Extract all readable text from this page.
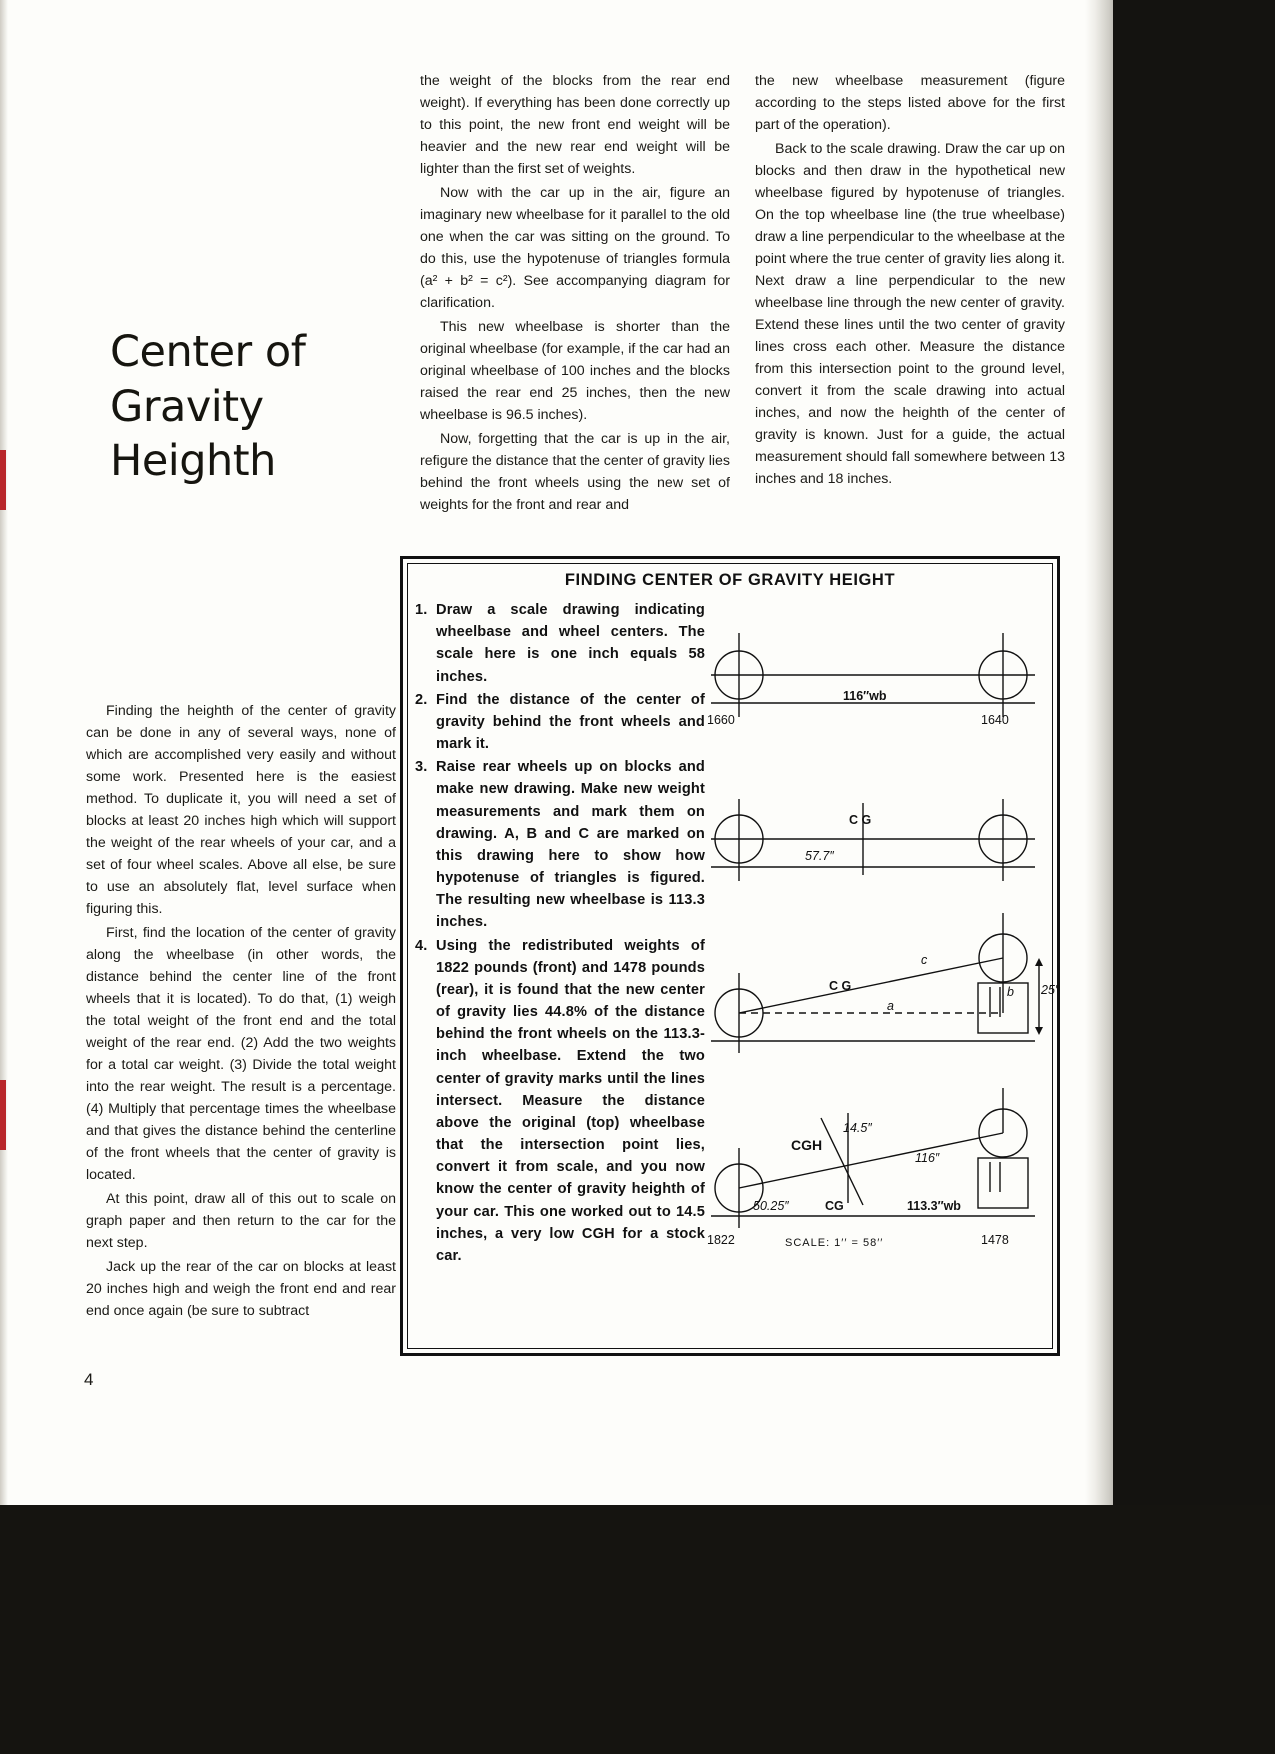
Center of
Gravity
Heighth

Finding the heighth of the center of gravity can be done in any of several ways, none of which are accomplished very easily and without some work. Presented here is the easiest method. To duplicate it, you will need a set of blocks at least 20 inches high which will support the weight of the rear wheels of your car, and a set of four wheel scales. Above all else, be sure to use an absolutely flat, level surface when figuring this.

First, find the location of the center of gravity along the wheelbase (in other words, the distance behind the center line of the front wheels that it is located). To do that, (1) weigh the total weight of the front end and the total weight of the rear end. (2) Add the two weights for a total car weight. (3) Divide the total weight into the rear weight. The result is a percentage. (4) Multiply that percentage times the wheelbase and that gives the distance behind the centerline of the front wheels that the center of gravity is located.

At this point, draw all of this out to scale on graph paper and then return to the car for the next step.

Jack up the rear of the car on blocks at least 20 inches high and weigh the front end and rear end once again (be sure to subtract

the weight of the blocks from the rear end weight). If everything has been done correctly up to this point, the new front end weight will be heavier and the new rear end weight will be lighter than the first set of weights.

Now with the car up in the air, figure an imaginary new wheelbase for it parallel to the old one when the car was sitting on the ground. To do this, use the hypotenuse of triangles formula (a² + b² = c²). See accompanying diagram for clarification.

This new wheelbase is shorter than the original wheelbase (for example, if the car had an original wheelbase of 100 inches and the blocks raised the rear end 25 inches, then the new wheelbase is 96.5 inches).

Now, forgetting that the car is up in the air, refigure the distance that the center of gravity lies behind the front wheels using the new set of weights for the front and rear and

the new wheelbase measurement (figure according to the steps listed above for the first part of the operation).

Back to the scale drawing. Draw the car up on blocks and then draw in the hypothetical new wheelbase figured by hypotenuse of triangles. On the top wheelbase line (the true wheelbase) draw a line perpendicular to the wheelbase at the point where the true center of gravity lies along it. Next draw a line perpendicular to the new wheelbase line through the new center of gravity. Extend these lines until the two center of gravity lines cross each other. Measure the distance from this intersection point to the ground level, convert it from the scale drawing into actual inches, and now the heighth of the center of gravity is known. Just for a guide, the actual measurement should fall somewhere between 13 inches and 18 inches.

4
FINDING CENTER OF GRAVITY HEIGHT
1. Draw a scale drawing indicating wheelbase and wheel centers. The scale here is one inch equals 58 inches.
2. Find the distance of the center of gravity behind the front wheels and mark it.
3. Raise rear wheels up on blocks and make new drawing. Make new weight measurements and mark them on drawing. A, B and C are marked on this drawing here to show how hypotenuse of triangles is figured. The resulting new wheelbase is 113.3 inches.
4. Using the redistributed weights of 1822 pounds (front) and 1478 pounds (rear), it is found that the new center of gravity lies 44.8% of the distance behind the front wheels on the 113.3-inch wheelbase. Extend the two center of gravity marks until the lines intersect. Measure the distance above the original (top) wheelbase that the intersection point lies, convert it from scale, and you now know the center of gravity heighth of your car. This one worked out to 14.5 inches, a very low CGH for a stock car.
116″wb
1660	1640
C G
57.7″
c
b
a
C G	25″
CGH
14.5″
116″
50.25″	CG	113.3″wb
1822	1478
SCALE: 1′′ = 58′′
